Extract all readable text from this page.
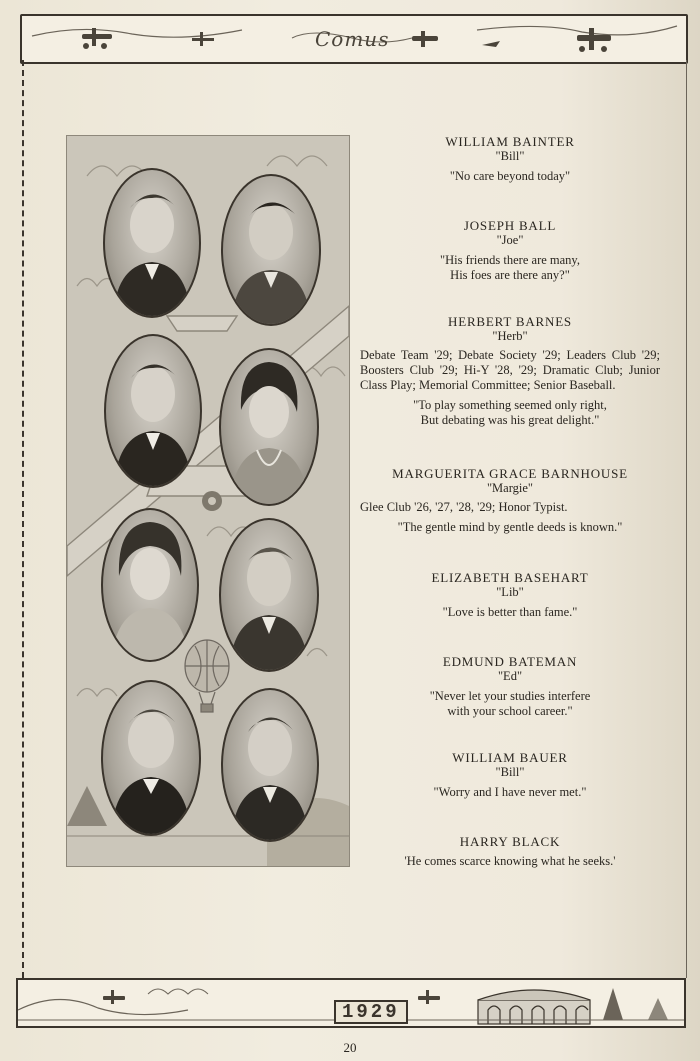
Comus
WILLIAM BAINTER
"Bill"
"No care beyond today"
JOSEPH BALL
"Joe"
"His friends there are many,
His foes are there any?"
HERBERT BARNES
"Herb"
Debate Team '29; Debate Society '29; Leaders Club '29; Boosters Club '29; Hi-Y '28, '29; Dramatic Club; Junior Class Play; Memorial Committee; Senior Baseball.
"To play something seemed only right,
But debating was his great delight."
MARGUERITA GRACE BARNHOUSE
"Margie"
Glee Club '26, '27, '28, '29; Honor Typist.
"The gentle mind by gentle deeds is known."
ELIZABETH BASEHART
"Lib"
"Love is better than fame."
EDMUND BATEMAN
"Ed"
"Never let your studies interfere
with your school career."
WILLIAM BAUER
"Bill"
"Worry and I have never met."
HARRY BLACK
'He comes scarce knowing what he seeks.'
1929
20
